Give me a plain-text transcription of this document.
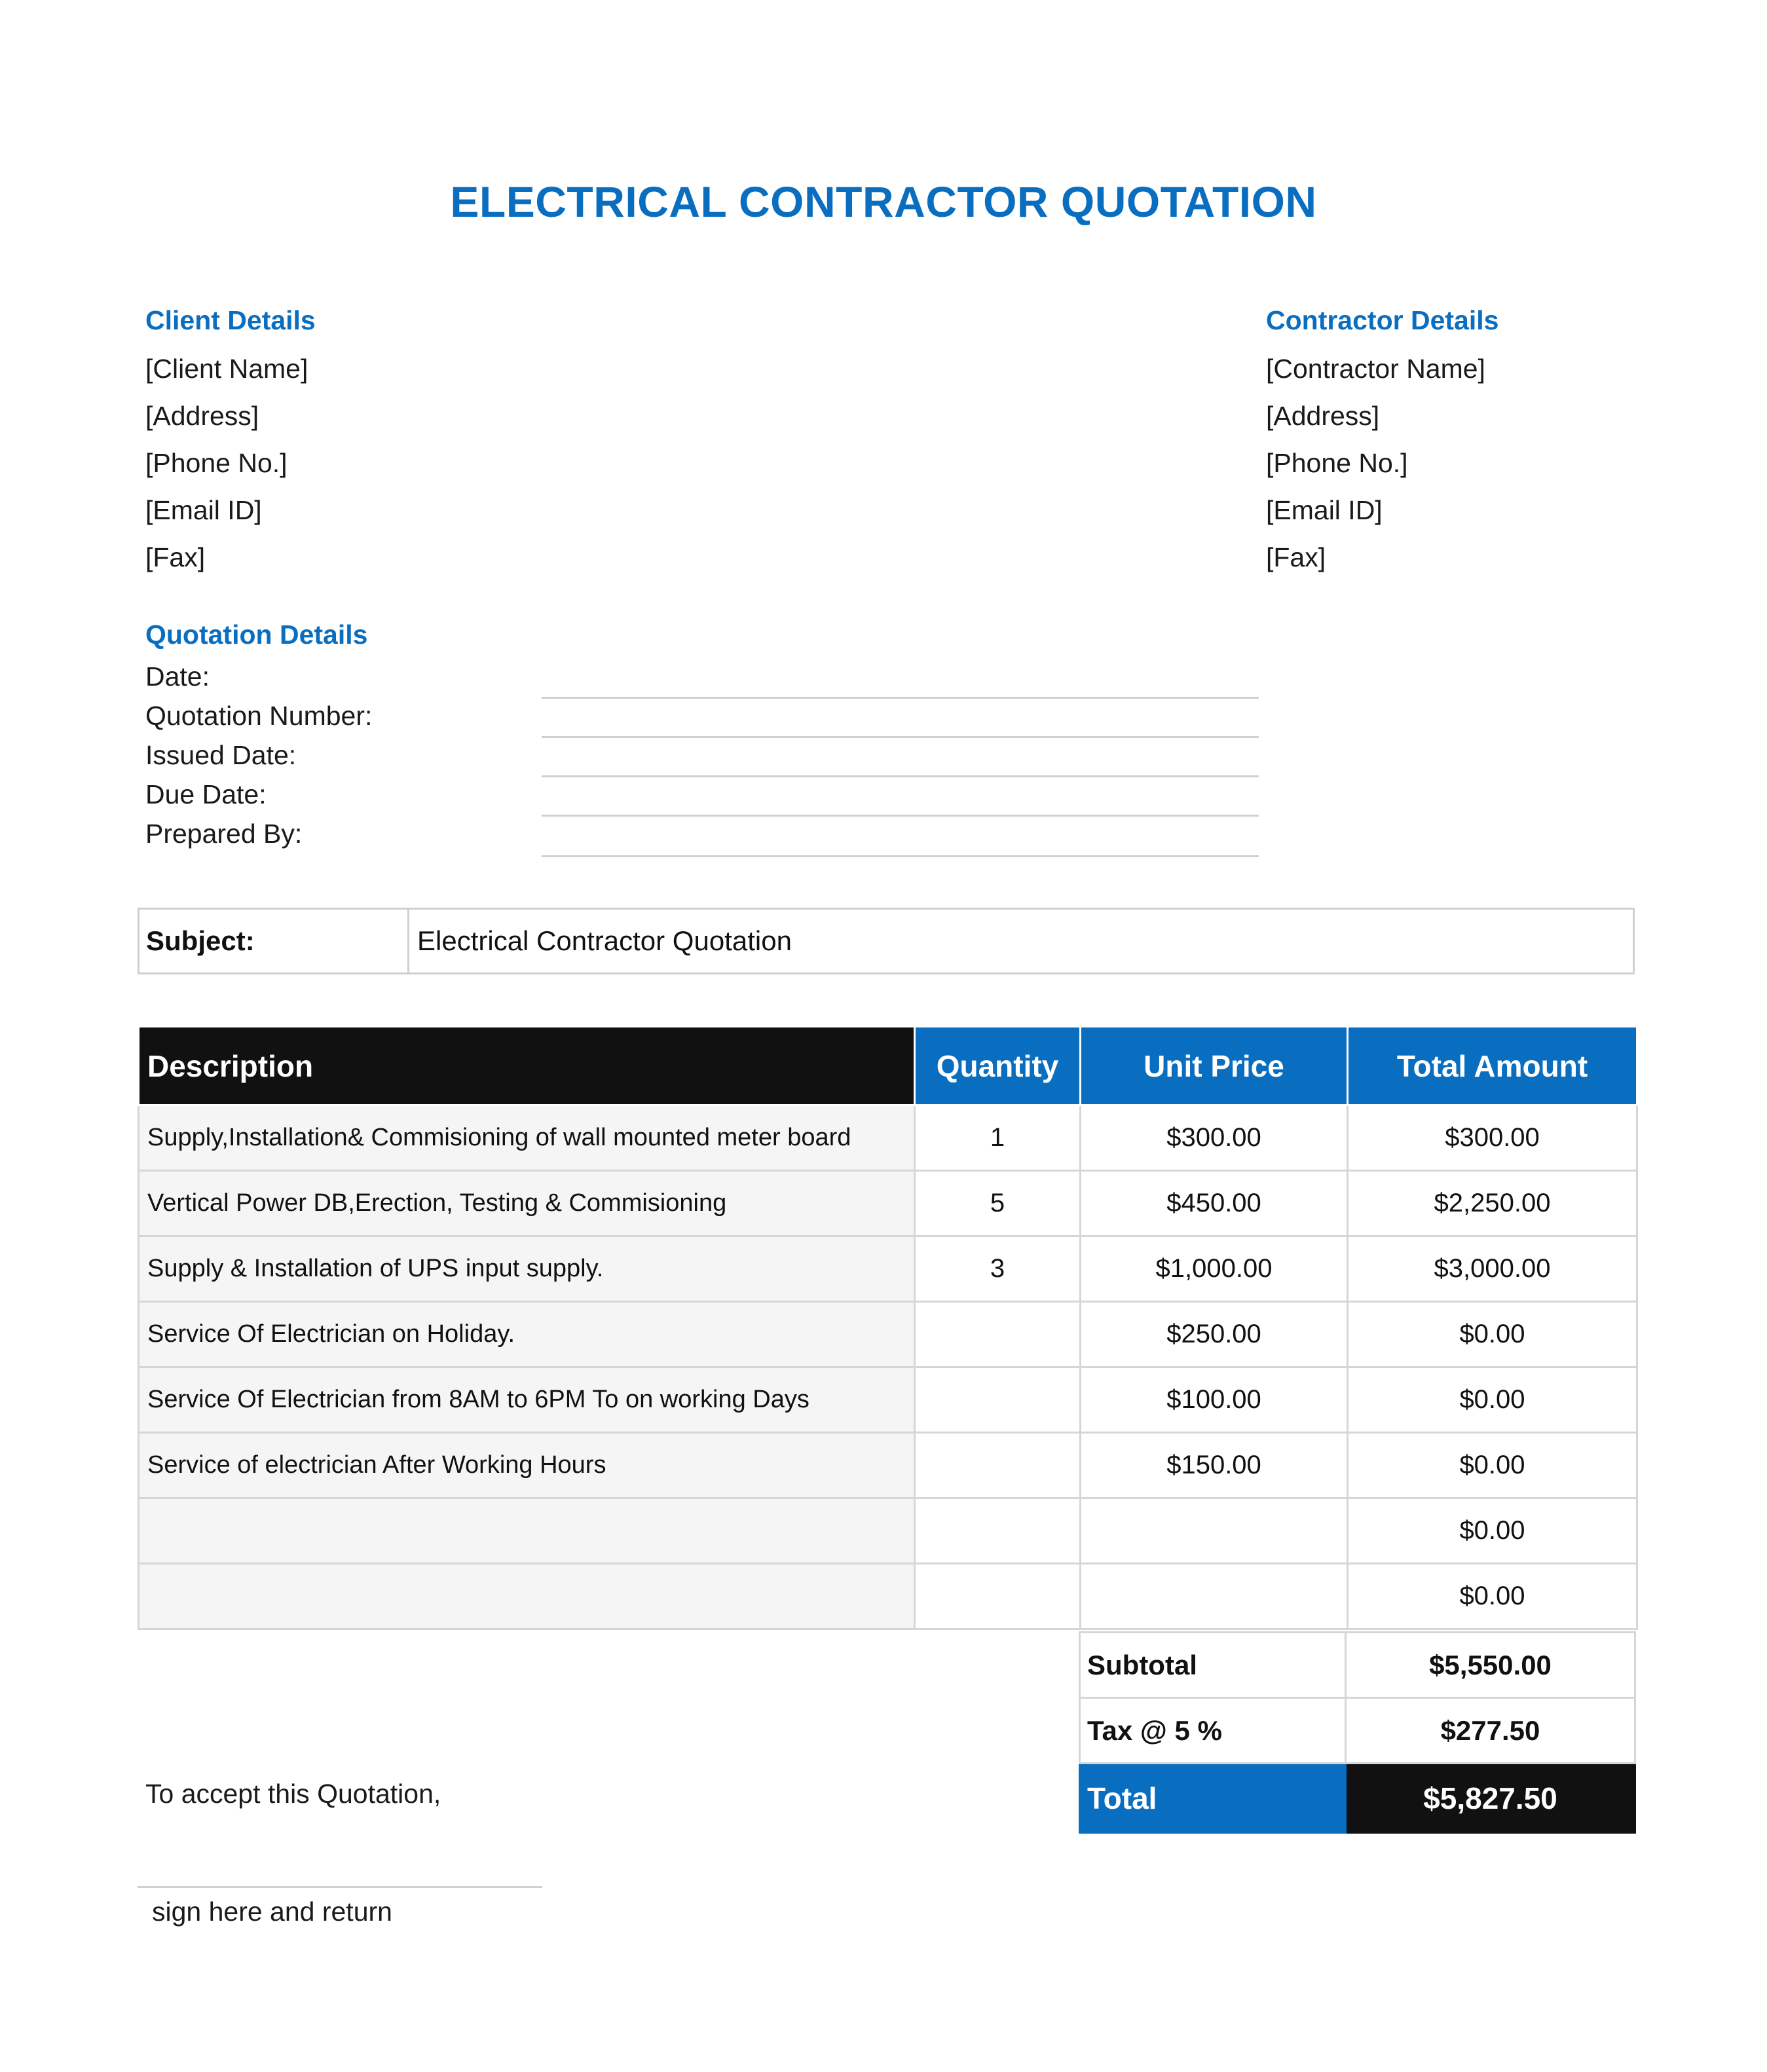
ELECTRICAL CONTRACTOR QUOTATION
Client Details
[Client Name]
[Address]
[Phone No.]
[Email ID]
[Fax]
Contractor Details
[Contractor Name]
[Address]
[Phone No.]
[Email ID]
[Fax]
Quotation Details
Date:
Quotation Number:
Issued Date:
Due Date:
Prepared By:
Subject:	Electrical Contractor Quotation
Description	Quantity	Unit Price	Total Amount
Supply,Installation& Commisioning of wall mounted meter board	1	$300.00	$300.00
Vertical Power DB,Erection, Testing & Commisioning	5	$450.00	$2,250.00
Supply & Installation of UPS input supply.	3	$1,000.00	$3,000.00
Service Of Electrician on Holiday.		$250.00	$0.00
Service Of Electrician from 8AM to 6PM To on working Days		$100.00	$0.00
Service of electrician After Working Hours		$150.00	$0.00
			$0.00
			$0.00
Subtotal	$5,550.00
Tax @ 5 %	$277.50
Total	$5,827.50
To accept this Quotation,
sign here and return
